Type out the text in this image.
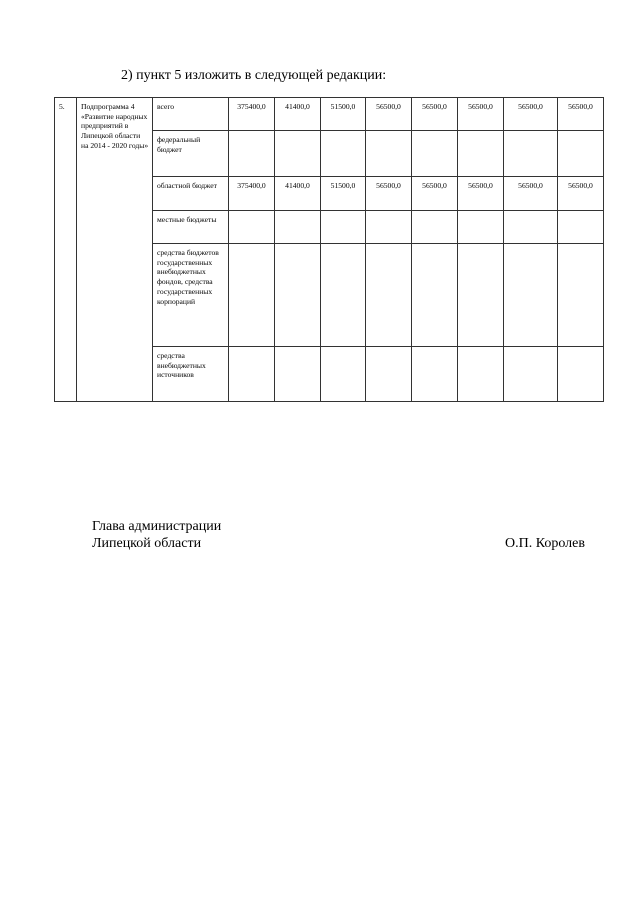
2) пункт 5 изложить в следующей редакции:
5.	Подпрограмма 4 «Развитие народных предприятий в Липецкой области на 2014 - 2020 годы»	всего	375400,0	41400,0	51500,0	56500,0	56500,0	56500,0	56500,0	56500,0
		федеральный бюджет								
		областной бюджет	375400,0	41400,0	51500,0	56500,0	56500,0	56500,0	56500,0	56500,0
		местные бюджеты								
		средства бюджетов государственных внебюджетных фондов, средства государственных корпораций								
		средства внебюджетных источников								
Глава администрации
Липецкой области	О.П. Королев
